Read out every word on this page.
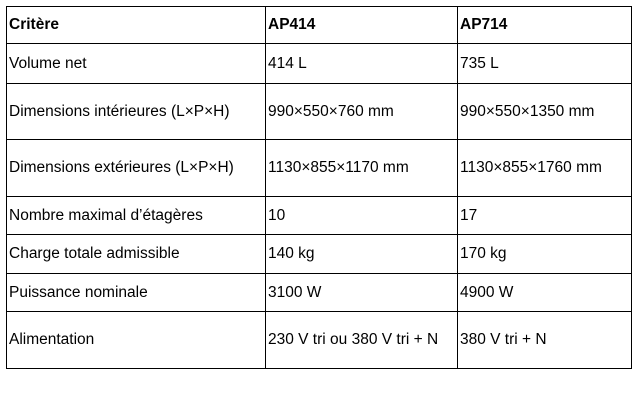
Critère	AP414	AP714
Volume net	414 L	735 L
Dimensions intérieures (L×P×H)	990×550×760 mm	990×550×1350 mm
Dimensions extérieures (L×P×H)	1130×855×1170 mm	1130×855×1760 mm
Nombre maximal d’étagères	10	17
Charge totale admissible	140 kg	170 kg
Puissance nominale	3100 W	4900 W
Alimentation	230 V tri ou 380 V tri + N	380 V tri + N
